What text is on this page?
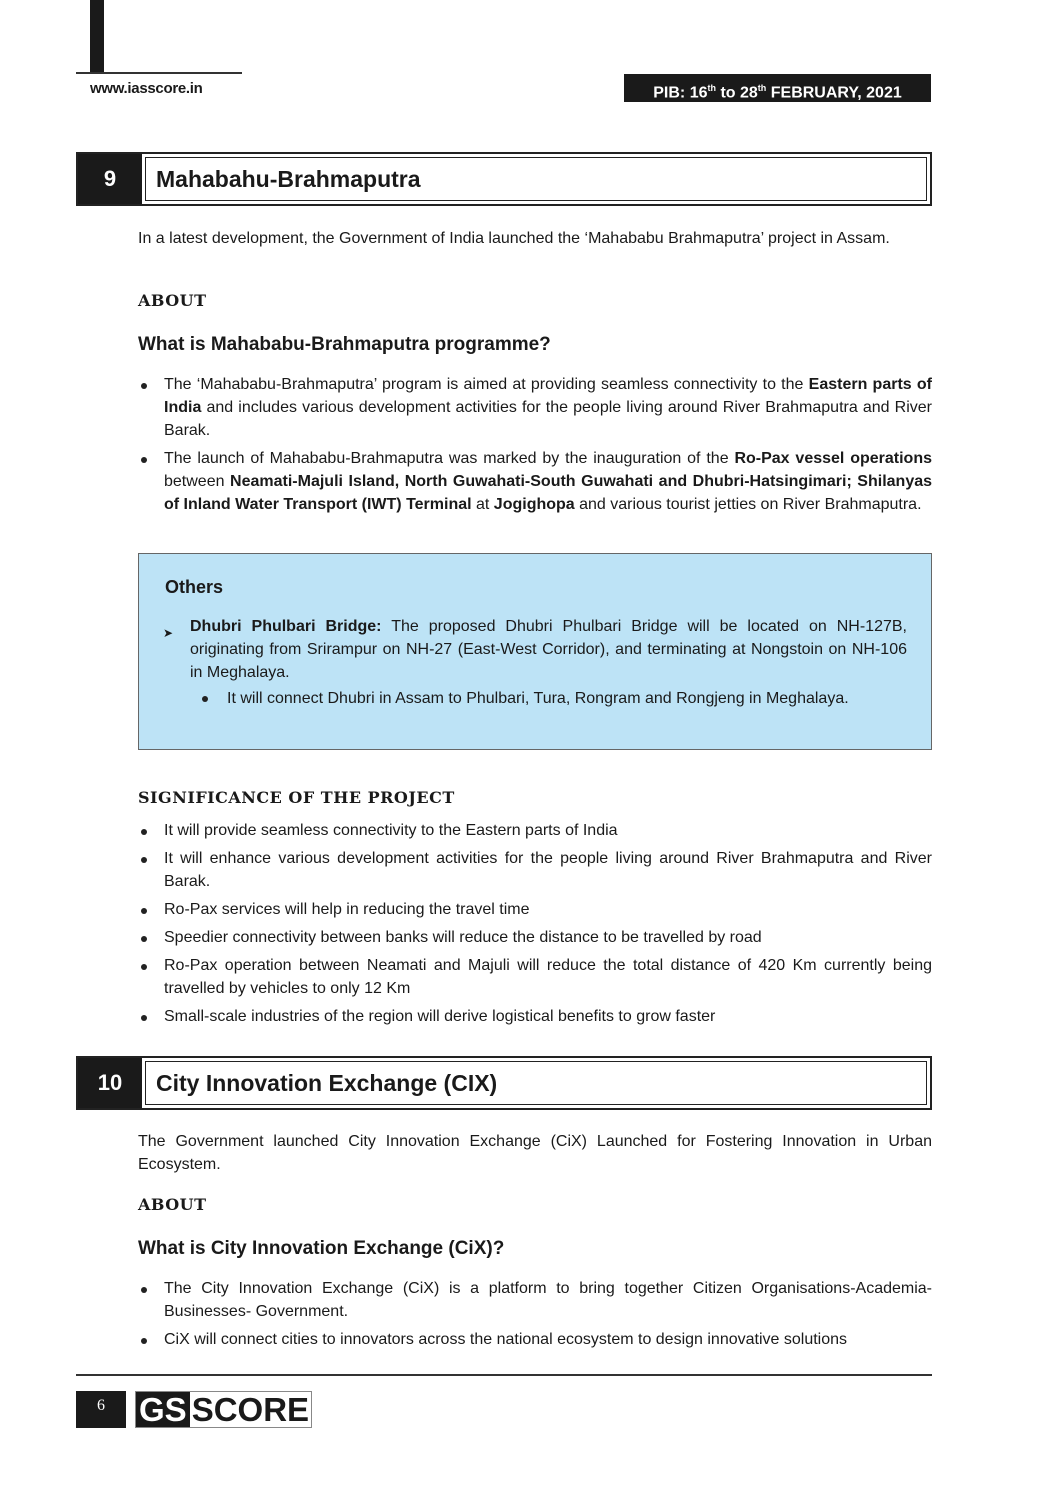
www.iasscore.in	PIB: 16th to 28th FEBRUARY, 2021
9	Mahabahu-Brahmaputra
In a latest development, the Government of India launched the ‘Mahababu Brahmaputra’ project in Assam.
ABOUT
What is Mahababu-Brahmaputra programme?
The ‘Mahababu-Brahmaputra’ program is aimed at providing seamless connectivity to the Eastern parts of India and includes various development activities for the people living around River Brahmaputra and River Barak.
The launch of Mahababu-Brahmaputra was marked by the inauguration of the Ro-Pax vessel operations between Neamati-Majuli Island, North Guwahati-South Guwahati and Dhubri-Hatsingimari; Shilanyas of Inland Water Transport (IWT) Terminal at Jogighopa and various tourist jetties on River Brahmaputra.
Others
➤ Dhubri Phulbari Bridge: The proposed Dhubri Phulbari Bridge will be located on NH-127B, originating from Srirampur on NH-27 (East-West Corridor), and terminating at Nongstoin on NH-106 in Meghalaya.
It will connect Dhubri in Assam to Phulbari, Tura, Rongram and Rongjeng in Meghalaya.
SIGNIFICANCE OF THE PROJECT
It will provide seamless connectivity to the Eastern parts of India
It will enhance various development activities for the people living around River Brahmaputra and River Barak.
Ro-Pax services will help in reducing the travel time
Speedier connectivity between banks will reduce the distance to be travelled by road
Ro-Pax operation between Neamati and Majuli will reduce the total distance of 420 Km currently being travelled by vehicles to only 12 Km
Small-scale industries of the region will derive logistical benefits to grow faster
10	City Innovation Exchange (CIX)
The Government launched City Innovation Exchange (CiX) Launched for Fostering Innovation in Urban Ecosystem.
ABOUT
What is City Innovation Exchange (CiX)?
The City Innovation Exchange (CiX) is a platform to bring together Citizen Organisations-Academia-Businesses- Government.
CiX will connect cities to innovators across the national ecosystem to design innovative solutions
6	GS SCORE
